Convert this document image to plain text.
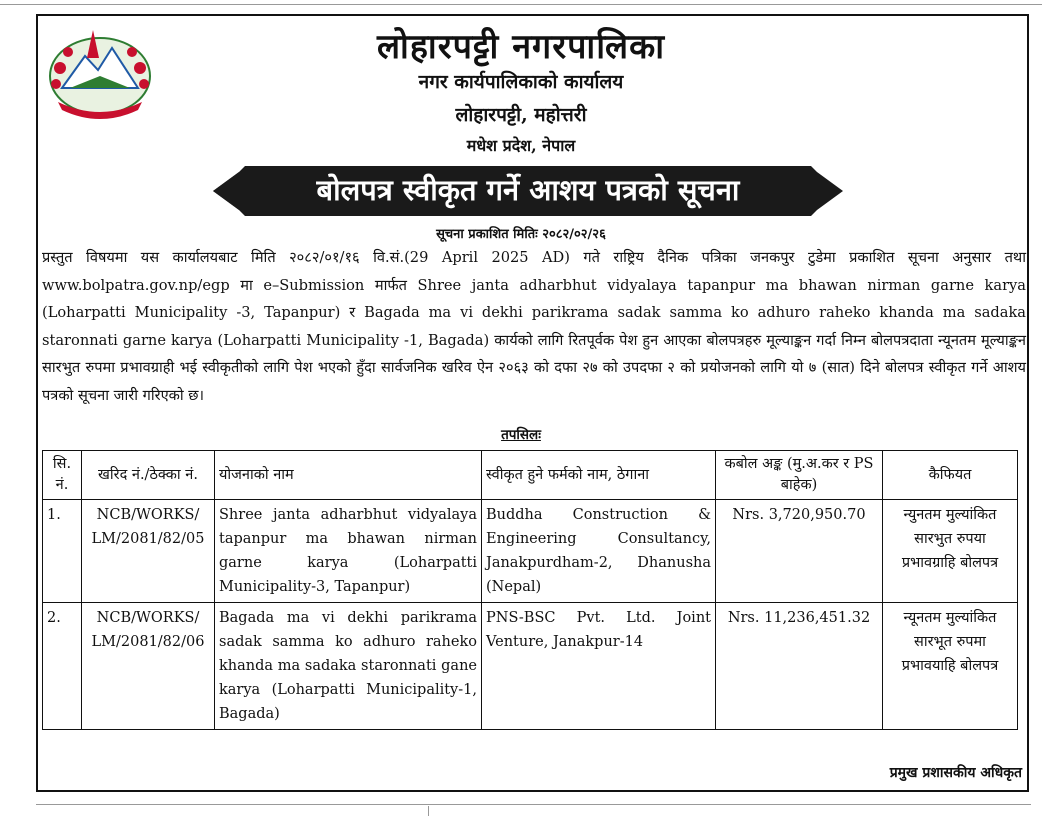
लोहारपट्टी नगरपालिका
नगर कार्यपालिकाको कार्यालय
लोहारपट्टी, महोत्तरी
मधेश प्रदेश, नेपाल
बोलपत्र स्वीकृत गर्ने आशय पत्रको सूचना
सूचना प्रकाशित मितिः २०८२/०२/२६
प्रस्तुत विषयमा यस कार्यालयबाट मिति २०८२/०१/१६ वि.सं.(29 April 2025 AD) गते राष्ट्रिय दैनिक पत्रिका जनकपुर टुडेमा प्रकाशित सूचना अनुसार तथा www.bolpatra.gov.np/egp मा e–Submission मार्फत Shree janta adharbhut vidyalaya tapanpur ma bhawan nirman garne karya (Loharpatti Municipality -3, Tapanpur) र Bagada ma vi dekhi parikrama sadak samma ko adhuro raheko khanda ma sadaka staronnati garne karya (Loharpatti Municipality -1, Bagada) कार्यको लागि रितपूर्वक पेश हुन आएका बोलपत्रहरु मूल्याङ्कन गर्दा निम्न बोलपत्रदाता न्यूनतम मूल्याङ्कन सारभुत रुपमा प्रभावग्राही भई स्वीकृतीको लागि पेश भएको हुँदा सार्वजनिक खरिव ऐन २०६३ को दफा २७ को उपदफा २ को प्रयोजनको लागि यो ७ (सात) दिने बोलपत्र स्वीकृत गर्ने आशय पत्रको सूचना जारी गरिएको छ।
तपसिलः
सि. नं.	खरिद नं./ठेक्का नं.	योजनाको नाम	स्वीकृत हुने फर्मको नाम, ठेगाना	कबोल अङ्क (मु.अ.कर र PS बाहेक)	कैफियत
1.	NCB/WORKS/ LM/2081/82/05	Shree janta adharbhut vidyalaya tapanpur ma bhawan nirman garne karya (Loharpatti Municipality-3, Tapanpur)	Buddha Construction & Engineering Consultancy, Janakpurdham-2, Dhanusha (Nepal)	Nrs. 3,720,950.70	न्युनतम मुल्यांकित सारभुत रुपया प्रभावग्राहि बोलपत्र
2.	NCB/WORKS/ LM/2081/82/06	Bagada ma vi dekhi parikrama sadak samma ko adhuro raheko khanda ma sadaka staronnati gane karya (Loharpatti Municipality-1, Bagada)	PNS-BSC Pvt. Ltd. Joint Venture, Janakpur-14	Nrs. 11,236,451.32	न्यूनतम मुल्यांकित सारभूत रुपमा प्रभावयाहि बोलपत्र
प्रमुख प्रशासकीय अधिकृत
